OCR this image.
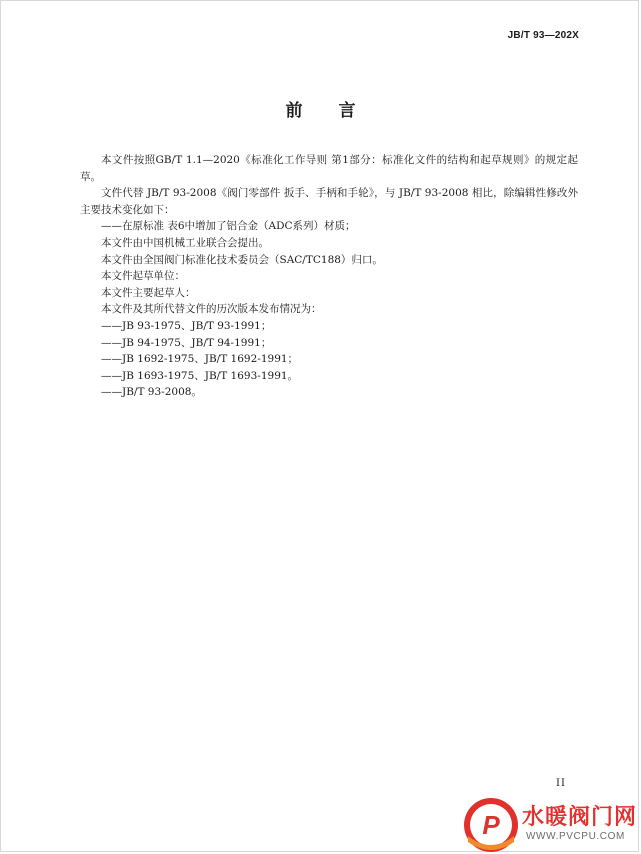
JB/T 93—202X
前 言

本文件按照GB/T 1.1—2020《标准化工作导则 第1部分：标准化文件的结构和起草规则》的规定起草。

文件代替 JB/T 93-2008《阀门零部件 扳手、手柄和手轮》，与 JB/T 93-2008 相比，除编辑性修改外主要技术变化如下：

——在原标准 表6中增加了铝合金（ADC系列）材质；

本文件由中国机械工业联合会提出。

本文件由全国阀门标准化技术委员会（SAC/TC188）归口。

本文件起草单位：

本文件主要起草人：

本文件及其所代替文件的历次版本发布情况为：

——JB 93-1975、JB/T 93-1991；

——JB 94-1975、JB/T 94-1991；

——JB 1692-1975、JB/T 1692-1991；

——JB 1693-1975、JB/T 1693-1991。

——JB/T 93-2008。

II
P 水暖阀门网
WWW.PVCPU.COM
